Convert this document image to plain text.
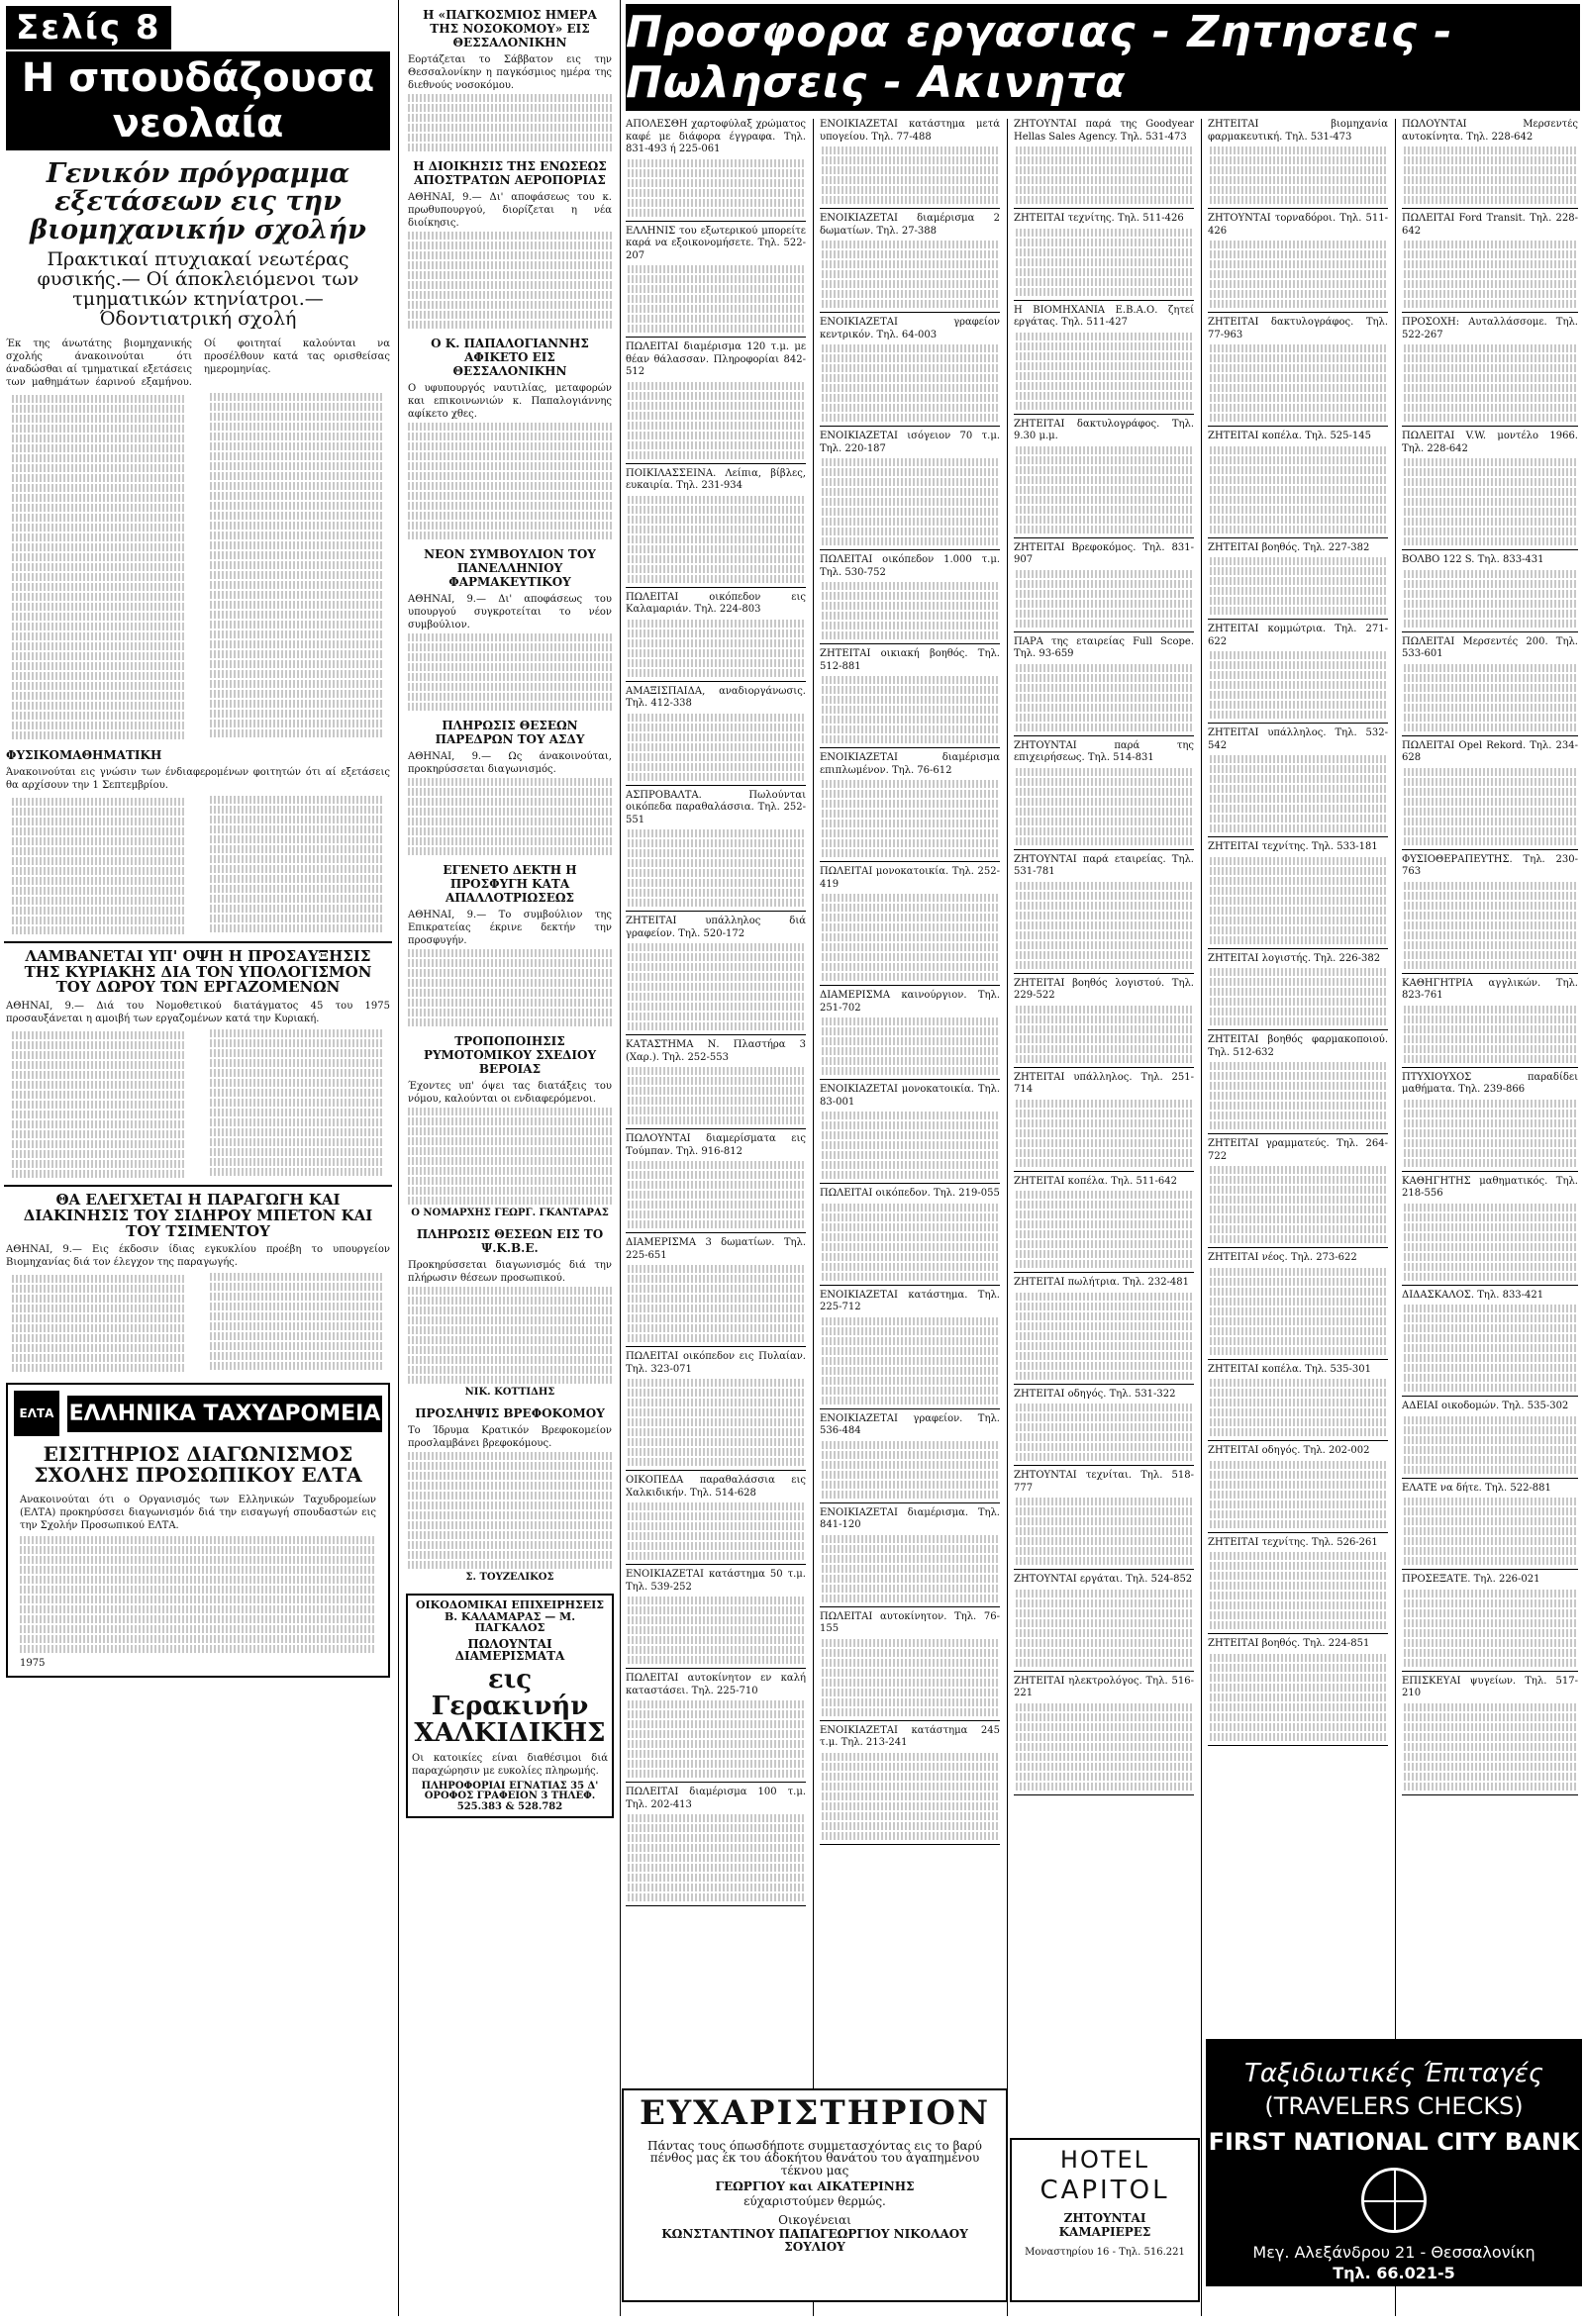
Σελίς 8
Η σπουδάζουσα νεολαία
Γενικόν πρόγραμμα εξετάσεων εις την βιομηχανικήν σχολήν
Πρακτικαί πτυχιακαί νεωτέρας φυσικής.— Οί άποκλειόμενοι των τμηματικών κτηνίατροι.— Όδοντιατρική σχολή
Έκ της άνωτάτης βιομηχανικής σχολής άνακοινούται ότι άναδώσθαι αί τμηματικαί εξετάσεις των μαθημάτων έαρινού εξαμήνου. Οί φοιτηταί καλούνται να προσέλθουν κατά τας ορισθείσας ημερομηνίας.
ΦΥΣΙΚΟΜΑΘΗΜΑΤΙΚΗ
Άνακοινούται εις γνώσιν των ένδιαφερομένων φοιτητών ότι αί εξετάσεις θα αρχίσουν την 1 Σεπτεμβρίου.
ΛΑΜΒΑΝΕΤΑΙ ΥΠ' ΟΨΗ Η ΠΡΟΣΑΥΞΗΣΙΣ ΤΗΣ ΚΥΡΙΑΚΗΣ ΔΙΑ ΤΟΝ ΥΠΟΛΟΓΙΣΜΟΝ ΤΟΥ ΔΩΡΟΥ ΤΩΝ ΕΡΓΑΖΟΜΕΝΩΝ
ΑΘΗΝΑΙ, 9.— Διά του Νομοθετικού διατάγματος 45 του 1975 προσαυξάνεται η αμοιβή των εργαζομένων κατά την Κυριακή.
ΘΑ ΕΛΕΓΧΕΤΑΙ Η ΠΑΡΑΓΩΓΗ ΚΑΙ ΔΙΑΚΙΝΗΣΙΣ ΤΟΥ ΣΙΔΗΡΟΥ ΜΠΕΤΟΝ ΚΑΙ ΤΟΥ ΤΣΙΜΕΝΤΟΥ
ΑΘΗΝΑΙ, 9.— Εις έκδοσιν ίδιας εγκυκλίου προέβη το υπουργείον Βιομηχανίας διά τον έλεγχον της παραγωγής.
ΕΛΤΑ ΕΛΛΗΝΙΚΑ ΤΑΧΥΔΡΟΜΕΙΑ
ΕΙΣΙΤΗΡΙΟΣ ΔΙΑΓΩΝΙΣΜΟΣ ΣΧΟΛΗΣ ΠΡΟΣΩΠΙΚΟΥ ΕΛΤΑ
Ανακοινούται ότι ο Οργανισμός των Ελληνικών Ταχυδρομείων (ΕΛΤΑ) προκηρύσσει διαγωνισμόν διά την εισαγωγή σπουδαστών εις την Σχολήν Προσωπικού ΕΛΤΑ.
1975
Η «ΠΑΓΚΟΣΜΙΟΣ ΗΜΕΡΑ ΤΗΣ ΝΟΣΟΚΟΜΟΥ» ΕΙΣ ΘΕΣΣΑΛΟΝΙΚΗΝ
Εορτάζεται το Σάββατον εις την Θεσσαλονίκην η παγκόσμιος ημέρα της διεθνούς νοσοκόμου.
Η ΔΙΟΙΚΗΣΙΣ ΤΗΣ ΕΝΩΣΕΩΣ ΑΠΟΣΤΡΑΤΩΝ ΑΕΡΟΠΟΡΙΑΣ
ΑΘΗΝΑΙ, 9.— Δι' αποφάσεως του κ. πρωθυπουργού, διορίζεται η νέα διοίκησις.
Ο Κ. ΠΑΠΑΛΟΓΙΑΝΝΗΣ ΑΦΙΚΕΤΟ ΕΙΣ ΘΕΣΣΑΛΟΝΙΚΗΝ
Ο υφυπουργός ναυτιλίας, μεταφορών και επικοινωνιών κ. Παπαλογιάννης αφίκετο χθες.
ΝΕΟΝ ΣΥΜΒΟΥΛΙΟΝ ΤΟΥ ΠΑΝΕΛΛΗΝΙΟΥ ΦΑΡΜΑΚΕΥΤΙΚΟΥ
ΑΘΗΝΑΙ, 9.— Δι' αποφάσεως του υπουργού συγκροτείται το νέον συμβούλιον.
ΠΛΗΡΩΣΙΣ ΘΕΣΕΩΝ ΠΑΡΕΔΡΩΝ ΤΟΥ ΑΣΔΥ
ΑΘΗΝΑΙ, 9.— Ως άνακοινούται, προκηρύσσεται διαγωνισμός.
ΕΓΕΝΕΤΟ ΔΕΚΤΗ Η ΠΡΟΣΦΥΓΗ ΚΑΤΑ ΑΠΑΛΛΟΤΡΙΩΣΕΩΣ
ΑΘΗΝΑΙ, 9.— Το συμβούλιον της Επικρατείας έκρινε δεκτήν την προσφυγήν.
ΤΡΟΠΟΠΟΙΗΣΙΣ ΡΥΜΟΤΟΜΙΚΟΥ ΣΧΕΔΙΟΥ ΒΕΡΟΙΑΣ
Έχοντες υπ' όψει τας διατάξεις του νόμου, καλούνται οι ενδιαφερόμενοι.
Ο ΝΟΜΑΡΧΗΣ ΓΕΩΡΓ. ΓΚΑΝΤΑΡΑΣ
ΠΛΗΡΩΣΙΣ ΘΕΣΕΩΝ ΕΙΣ ΤΟ Ψ.Κ.Β.Ε.
Προκηρύσσεται διαγωνισμός διά την πλήρωσιν θέσεων προσωπικού.
ΝΙΚ. ΚΟΤΤΙΔΗΣ
ΠΡΟΣΛΗΨΙΣ ΒΡΕΦΟΚΟΜΟΥ
Το Ίδρυμα Κρατικόν Βρεφοκομείον προσλαμβάνει βρεφοκόμους.
Σ. ΤΟΥΖΕΛΙΚΟΣ
ΟΙΚΟΔΟΜΙΚΑΙ ΕΠΙΧΕΙΡΗΣΕΙΣ Β. ΚΑΛΑΜΑΡΑΣ — Μ. ΠΑΓΚΑΛΟΣ
ΠΩΛΟΥΝΤΑΙ ΔΙΑΜΕΡΙΣΜΑΤΑ
εις Γερακινήν ΧΑΛΚΙΔΙΚΗΣ
Οι κατοικίες είναι διαθέσιμοι διά παραχώρησιν με ευκολίες πληρωμής.
ΠΛΗΡΟΦΟΡΙΑΙ ΕΓΝΑΤΙΑΣ 35 Δ' ΟΡΟΦΟΣ ΓΡΑΦΕΙΟΝ 3 ΤΗΛΕΦ. 525.383 & 528.782
Προσφορα εργασιας - Ζητησεις - Πωλησεις - Ακινητα
ΑΠΟΛΕΣΘΗ χαρτοφύλαξ χρώματος καφέ με διάφορα έγγραφα. Τηλ. 831-493 ή 225-061
ΕΛΛΗΝΙΣ του εξωτερικού μπορείτε καρά να εξοικονομήσετε. Τηλ. 522-207
ΠΩΛΕΙΤΑΙ διαμέρισμα 120 τ.μ. με θέαν θάλασσαν. Πληροφορίαι 842-512
ΠΟΙΚΙΛΑΣΣΕΙΝΑ. Λείπια, βίβλες, ευκαιρία. Τηλ. 231-934
ΠΩΛΕΙΤΑΙ οικόπεδον εις Καλαμαριάν. Τηλ. 224-803
ΑΜΑΞΙΣΠΑΙΔΑ, αναδιοργάνωσις. Τηλ. 412-338
ΑΣΠΡΟΒΑΛΤΑ. Πωλούνται οικόπεδα παραθαλάσσια. Τηλ. 252-551
ΖΗΤΕΙΤΑΙ υπάλληλος διά γραφείον. Τηλ. 520-172
ΚΑΤΑΣΤΗΜΑ Ν. Πλαστήρα 3 (Χαρ.). Τηλ. 252-553
ΠΩΛΟΥΝΤΑΙ διαμερίσματα εις Τούμπαν. Τηλ. 916-812
ΔΙΑΜΕΡΙΣΜΑ 3 δωματίων. Τηλ. 225-651
ΠΩΛΕΙΤΑΙ οικόπεδον εις Πυλαίαν. Τηλ. 323-071
ΟΙΚΟΠΕΔΑ παραθαλάσσια εις Χαλκιδικήν. Τηλ. 514-628
ΕΝΟΙΚΙΑΖΕΤΑΙ κατάστημα 50 τ.μ. Τηλ. 539-252
ΠΩΛΕΙΤΑΙ αυτοκίνητον εν καλή καταστάσει. Τηλ. 225-710
ΠΩΛΕΙΤΑΙ διαμέρισμα 100 τ.μ. Τηλ. 202-413
ΕΝΟΙΚΙΑΖΕΤΑΙ κατάστημα μετά υπογείου. Τηλ. 77-488
ΕΝΟΙΚΙΑΖΕΤΑΙ διαμέρισμα 2 δωματίων. Τηλ. 27-388
ΕΝΟΙΚΙΑΖΕΤΑΙ γραφείον κεντρικόν. Τηλ. 64-003
ΕΝΟΙΚΙΑΖΕΤΑΙ ισόγειον 70 τ.μ. Τηλ. 220-187
ΠΩΛΕΙΤΑΙ οικόπεδον 1.000 τ.μ. Τηλ. 530-752
ΖΗΤΕΙΤΑΙ οικιακή βοηθός. Τηλ. 512-881
ΕΝΟΙΚΙΑΖΕΤΑΙ διαμέρισμα επιπλωμένον. Τηλ. 76-612
ΠΩΛΕΙΤΑΙ μονοκατοικία. Τηλ. 252-419
ΔΙΑΜΕΡΙΣΜΑ καινούργιον. Τηλ. 251-702
ΕΝΟΙΚΙΑΖΕΤΑΙ μονοκατοικία. Τηλ. 83-001
ΠΩΛΕΙΤΑΙ οικόπεδον. Τηλ. 219-055
ΕΝΟΙΚΙΑΖΕΤΑΙ κατάστημα. Τηλ. 225-712
ΕΝΟΙΚΙΑΖΕΤΑΙ γραφείον. Τηλ. 536-484
ΕΝΟΙΚΙΑΖΕΤΑΙ διαμέρισμα. Τηλ. 841-120
ΠΩΛΕΙΤΑΙ αυτοκίνητον. Τηλ. 76-155
ΕΝΟΙΚΙΑΖΕΤΑΙ κατάστημα 245 τ.μ. Τηλ. 213-241
ΖΗΤΟΥΝΤΑΙ παρά της Goodyear Hellas Sales Agency. Τηλ. 531-473
ΖΗΤΕΙΤΑΙ τεχνίτης. Τηλ. 511-426
Η ΒΙΟΜΗΧΑΝΙΑ Ε.Β.Α.Ο. ζητεί εργάτας. Τηλ. 511-427
ΖΗΤΕΙΤΑΙ δακτυλογράφος. Τηλ. 9.30 μ.μ.
ΖΗΤΕΙΤΑΙ Βρεφοκόμος. Τηλ. 831-907
ΠΑΡΑ της εταιρείας Full Scope. Τηλ. 93-659
ΖΗΤΟΥΝΤΑΙ παρά της επιχειρήσεως. Τηλ. 514-831
ΖΗΤΟΥΝΤΑΙ παρά εταιρείας. Τηλ. 531-781
ΖΗΤΕΙΤΑΙ βοηθός λογιστού. Τηλ. 229-522
ΖΗΤΕΙΤΑΙ υπάλληλος. Τηλ. 251-714
ΖΗΤΕΙΤΑΙ κοπέλα. Τηλ. 511-642
ΖΗΤΕΙΤΑΙ πωλήτρια. Τηλ. 232-481
ΖΗΤΕΙΤΑΙ οδηγός. Τηλ. 531-322
ΖΗΤΟΥΝΤΑΙ τεχνίται. Τηλ. 518-777
ΖΗΤΟΥΝΤΑΙ εργάται. Τηλ. 524-852
ΖΗΤΕΙΤΑΙ ηλεκτρολόγος. Τηλ. 516-221
ΖΗΤΕΙΤΑΙ βιομηχανία φαρμακευτική. Τηλ. 531-473
ΖΗΤΟΥΝΤΑΙ τορναδόροι. Τηλ. 511-426
ΖΗΤΕΙΤΑΙ δακτυλογράφος. Τηλ. 77-963
ΖΗΤΕΙΤΑΙ κοπέλα. Τηλ. 525-145
ΖΗΤΕΙΤΑΙ βοηθός. Τηλ. 227-382
ΖΗΤΕΙΤΑΙ κομμώτρια. Τηλ. 271-622
ΖΗΤΕΙΤΑΙ υπάλληλος. Τηλ. 532-542
ΖΗΤΕΙΤΑΙ τεχνίτης. Τηλ. 533-181
ΖΗΤΕΙΤΑΙ λογιστής. Τηλ. 226-382
ΖΗΤΕΙΤΑΙ βοηθός φαρμακοποιού. Τηλ. 512-632
ΖΗΤΕΙΤΑΙ γραμματεύς. Τηλ. 264-722
ΖΗΤΕΙΤΑΙ νέος. Τηλ. 273-622
ΖΗΤΕΙΤΑΙ κοπέλα. Τηλ. 535-301
ΖΗΤΕΙΤΑΙ οδηγός. Τηλ. 202-002
ΖΗΤΕΙΤΑΙ τεχνίτης. Τηλ. 526-261
ΖΗΤΕΙΤΑΙ βοηθός. Τηλ. 224-851
ΠΩΛΟΥΝΤΑΙ Μερσεντές αυτοκίνητα. Τηλ. 228-642
ΠΩΛΕΙΤΑΙ Ford Transit. Τηλ. 228-642
ΠΡΟΣΟΧΗ: Αυταλλάσσομε. Τηλ. 522-267
ΠΩΛΕΙΤΑΙ V.W. μοντέλο 1966. Τηλ. 228-642
ΒΟΛΒΟ 122 S. Τηλ. 833-431
ΠΩΛΕΙΤΑΙ Μερσεντές 200. Τηλ. 533-601
ΠΩΛΕΙΤΑΙ Opel Rekord. Τηλ. 234-628
ΦΥΣΙΟΘΕΡΑΠΕΥΤΗΣ. Τηλ. 230-763
ΚΑΘΗΓΗΤΡΙΑ αγγλικών. Τηλ. 823-761
ΠΤΥΧΙΟΥΧΟΣ παραδίδει μαθήματα. Τηλ. 239-866
ΚΑΘΗΓΗΤΗΣ μαθηματικός. Τηλ. 218-556
ΔΙΔΑΣΚΑΛΟΣ. Τηλ. 833-421
ΑΔΕΙΑΙ οικοδομών. Τηλ. 535-302
ΕΛΑΤΕ να δήτε. Τηλ. 522-881
ΠΡΟΣΕΞΑΤΕ. Τηλ. 226-021
ΕΠΙΣΚΕΥΑΙ ψυγείων. Τηλ. 517-210
ΕΥΧΑΡΙΣΤΗΡΙΟΝ
Πάντας τους όπωσδήποτε συμμετασχόντας εις το βαρύ πένθος μας έκ του άδοκήτου θανάτου του άγαπημένου τέκνου μας
ΓΕΩΡΓΙΟΥ και ΑΙΚΑΤΕΡΙΝΗΣ
εύχαριστούμεν θερμώς.
Οικογένειαι
ΚΩΝΣΤΑΝΤΙΝΟΥ ΠΑΠΑΓΕΩΡΓΙΟΥ ΝΙΚΟΛΑΟΥ ΣΟΥΛΙΟΥ
HOTEL
CAPITOL
ΖΗΤΟΥΝΤΑΙ ΚΑΜΑΡΙΕΡΕΣ
Μοναστηρίου 16 - Τηλ. 516.221
Ταξιδιωτικές Έπιταγές
(TRAVELERS CHECKS)
FIRST NATIONAL CITY BANK
Μεγ. Αλεξάνδρου 21 - Θεσσαλονίκη
Τηλ. 66.021-5
